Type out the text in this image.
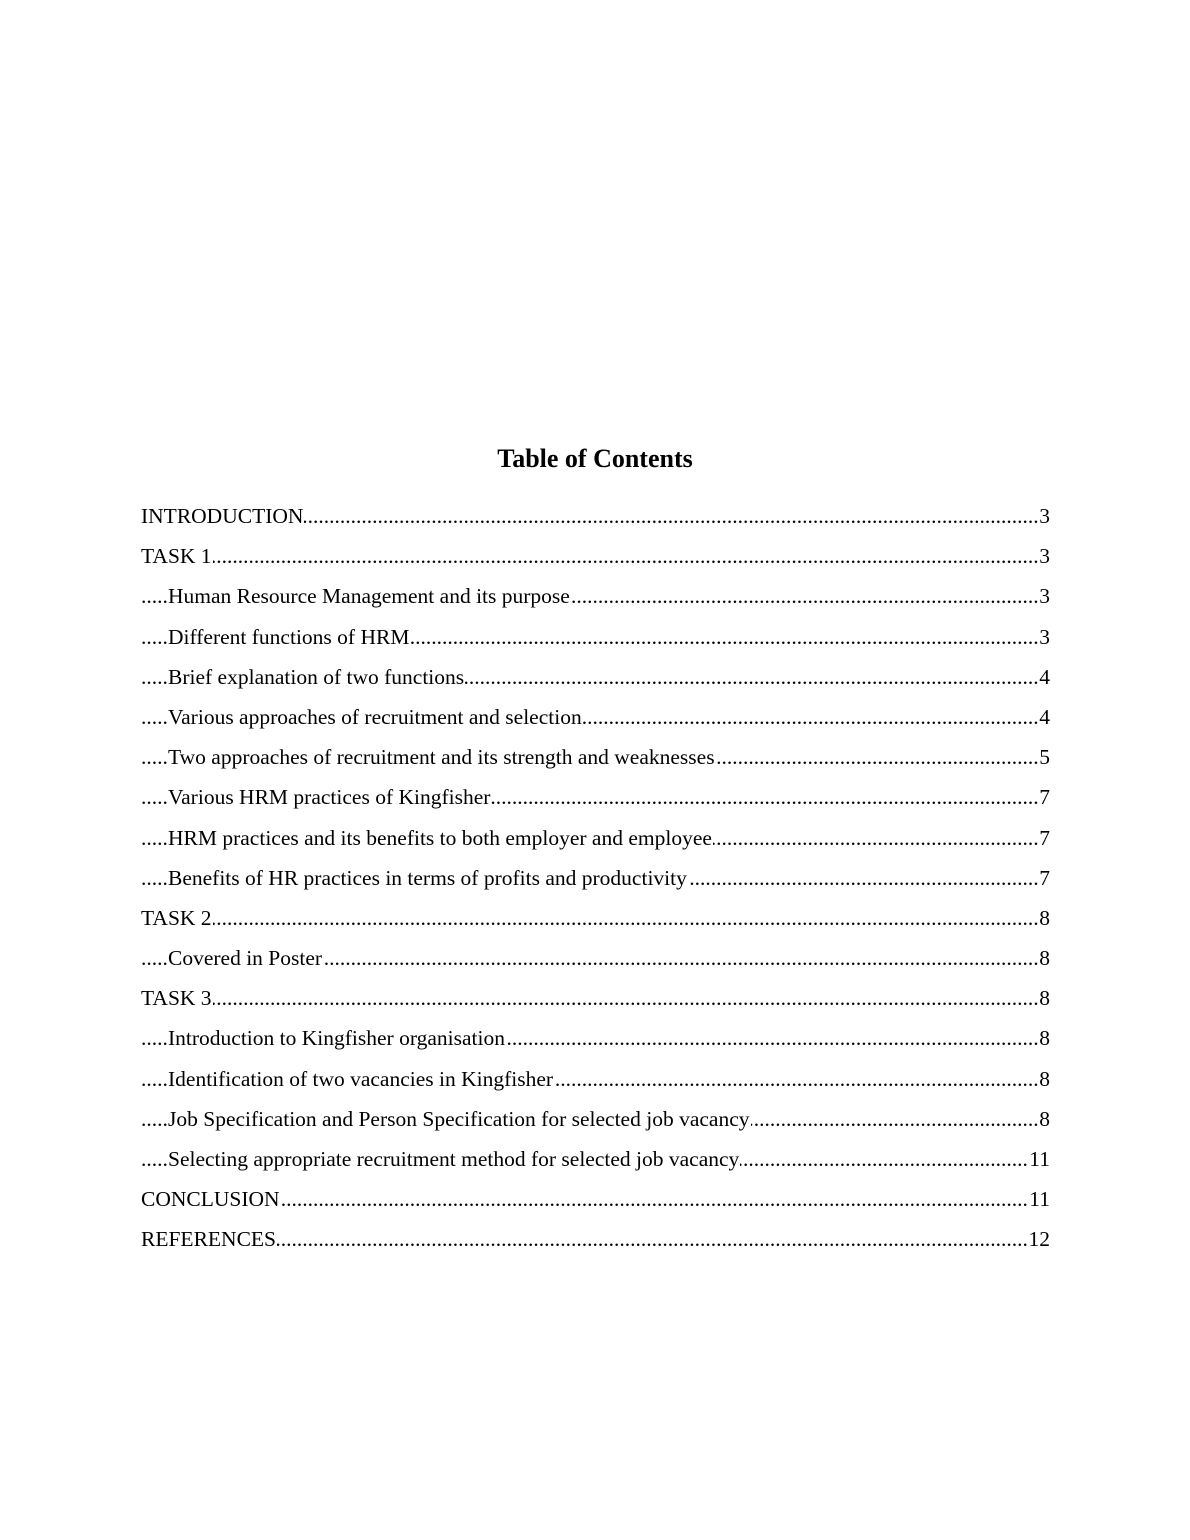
Table of Contents
.....
INTRODUCTION	3
.....
TASK 1	3
.....
Human Resource Management and its purpose	3
.....
Different functions of HRM	3
.....
Brief explanation of two functions	4
.....
Various approaches of recruitment and selection	4
.....
Two approaches of recruitment and its strength and weaknesses	5
.....
Various HRM practices of Kingfisher	7
.....
HRM practices and its benefits to both employer and employee	7
.....
Benefits of HR practices in terms of profits and productivity	7
.....
TASK 2	8
.....
Covered in Poster	8
.....
TASK 3	8
.....
Introduction to Kingfisher organisation	8
.....
Identification of two vacancies in Kingfisher	8
.....
Job Specification and Person Specification for selected job vacancy	8
.....
Selecting appropriate recruitment method for selected job vacancy	11
.....
CONCLUSION	11
.....
REFERENCES	12
